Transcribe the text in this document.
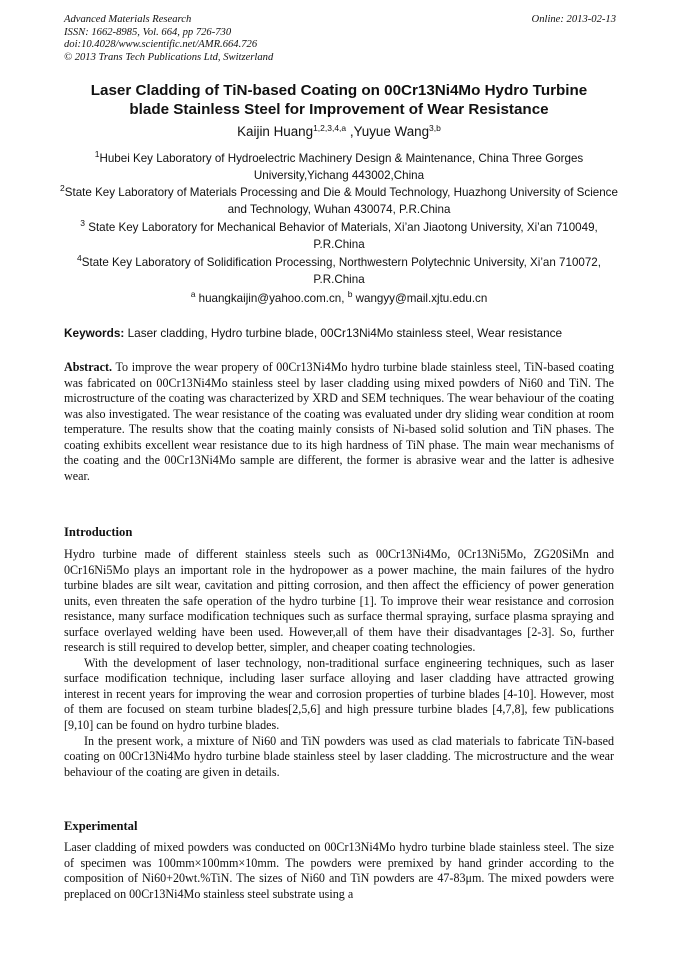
Advanced Materials Research
ISSN: 1662-8985, Vol. 664, pp 726-730
doi:10.4028/www.scientific.net/AMR.664.726
© 2013 Trans Tech Publications Ltd, Switzerland
Online: 2013-02-13
Laser Cladding of TiN-based Coating on 00Cr13Ni4Mo Hydro Turbine
blade Stainless Steel for Improvement of Wear Resistance
Kaijin Huang$^{1,2,3,4,a}$ ,Yuyue Wang$^{3,b}$
$^1$Hubei Key Laboratory of Hydroelectric Machinery Design & Maintenance, China Three Gorges University,Yichang 443002,China
$^2$State Key Laboratory of Materials Processing and Die & Mould Technology, Huazhong University of Science and Technology, Wuhan 430074, P.R.China
$^3$ State Key Laboratory for Mechanical Behavior of Materials, Xi’an Jiaotong University, Xi’an 710049, P.R.China
$^4$State Key Laboratory of Solidification Processing, Northwestern Polytechnic University, Xi’an 710072, P.R.China
$^a$ huangkaijin@yahoo.com.cn, $^b$ wangyy@mail.xjtu.edu.cn
Keywords: Laser cladding, Hydro turbine blade, 00Cr13Ni4Mo stainless steel, Wear resistance
Abstract. To improve the wear propery of 00Cr13Ni4Mo hydro turbine blade stainless steel, TiN-based coating was fabricated on 00Cr13Ni4Mo stainless steel by laser cladding using mixed powders of Ni60 and TiN. The microstructure of the coating was characterized by XRD and SEM techniques. The wear behaviour of the coating was also investigated. The wear resistance of the coating was evaluated under dry sliding wear condition at room temperature. The results show that the coating mainly consists of Ni-based solid solution and TiN phases. The coating exhibits excellent wear resistance due to its high hardness of TiN phase. The main wear mechanisms of the coating and the 00Cr13Ni4Mo sample are different, the former is abrasive wear and the latter is adhesive wear.
Introduction
Hydro turbine made of different stainless steels such as 00Cr13Ni4Mo, 0Cr13Ni5Mo, ZG20SiMn and 0Cr16Ni5Mo plays an important role in the hydropower as a power machine, the main failures of the hydro turbine blades are silt wear, cavitation and pitting corrosion, and then affect the efficiency of power generation units, even threaten the safe operation of the hydro turbine [1]. To improve their wear resistance and corrosion resistance, many surface modification techniques such as surface thermal spraying, surface plasma spraying and surface overlayed welding have been used. However,all of them have their disadvantages [2-3]. So, further research is still required to develop better, simpler, and cheaper coating technologies.
With the development of laser technology, non-traditional surface engineering techniques, such as laser surface modification technique, including laser surface alloying and laser cladding have attracted growing interest in recent years for improving the wear and corrosion properties of turbine blades [4-10]. However, most of them are focused on steam turbine blades[2,5,6] and high pressure turbine blades [4,7,8], few publications [9,10] can be found on hydro turbine blades.
In the present work, a mixture of Ni60 and TiN powders was used as clad materials to fabricate TiN-based coating on 00Cr13Ni4Mo hydro turbine blade stainless steel by laser cladding. The microstructure and the wear behaviour of the coating are given in details.
Experimental
Laser cladding of mixed powders was conducted on 00Cr13Ni4Mo hydro turbine blade stainless steel. The size of specimen was 100mm×100mm×10mm. The powders were premixed by hand grinder according to the composition of Ni60+20wt.%TiN. The sizes of Ni60 and TiN powders are 47-83μm. The mixed powders were preplaced on 00Cr13Ni4Mo stainless steel substrate using a
